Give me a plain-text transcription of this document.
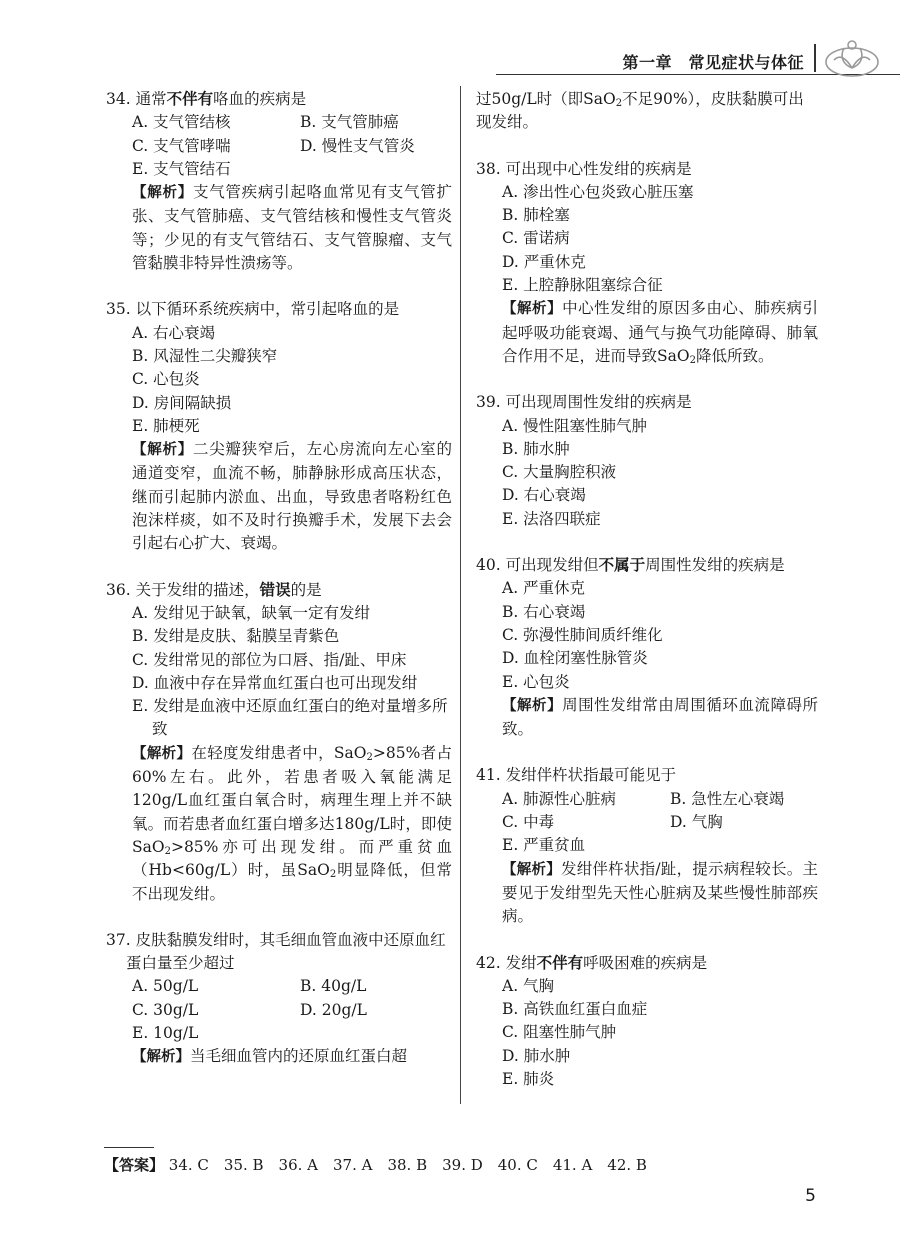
第一章　常见症状与体征
34. 通常不伴有咯血的疾病是
A. 支气管结核	B. 支气管肺癌
C. 支气管哮喘	D. 慢性支气管炎
E. 支气管结石
【解析】支气管疾病引起咯血常见有支气管扩张、支气管肺癌、支气管结核和慢性支气管炎等；少见的有支气管结石、支气管腺瘤、支气管黏膜非特异性溃疡等。
35. 以下循环系统疾病中，常引起咯血的是
A. 右心衰竭
B. 风湿性二尖瓣狭窄
C. 心包炎
D. 房间隔缺损
E. 肺梗死
【解析】二尖瓣狭窄后，左心房流向左心室的通道变窄，血流不畅，肺静脉形成高压状态，继而引起肺内淤血、出血，导致患者咯粉红色泡沫样痰，如不及时行换瓣手术，发展下去会引起右心扩大、衰竭。
36. 关于发绀的描述，错误的是
A. 发绀见于缺氧，缺氧一定有发绀
B. 发绀是皮肤、黏膜呈青紫色
C. 发绀常见的部位为口唇、指/趾、甲床
D. 血液中存在异常血红蛋白也可出现发绀
E. 发绀是血液中还原血红蛋白的绝对量增多所致
【解析】在轻度发绀患者中，SaO$_2$>85%者占60%左右。此外，若患者吸入氧能满足120g/L血红蛋白氧合时，病理生理上并不缺氧。而若患者血红蛋白增多达180g/L时，即使SaO$_2$>85%亦可出现发绀。而严重贫血（Hb<60g/L）时，虽SaO$_2$明显降低，但常不出现发绀。
37. 皮肤黏膜发绀时，其毛细血管血液中还原血红蛋白量至少超过
A. 50g/L	B. 40g/L
C. 30g/L	D. 20g/L
E. 10g/L
【解析】当毛细血管内的还原血红蛋白超
过50g/L时（即SaO$_2$不足90%），皮肤黏膜可出现发绀。
38. 可出现中心性发绀的疾病是
A. 渗出性心包炎致心脏压塞
B. 肺栓塞
C. 雷诺病
D. 严重休克
E. 上腔静脉阻塞综合征
【解析】中心性发绀的原因多由心、肺疾病引起呼吸功能衰竭、通气与换气功能障碍、肺氧合作用不足，进而导致SaO$_2$降低所致。
39. 可出现周围性发绀的疾病是
A. 慢性阻塞性肺气肿
B. 肺水肿
C. 大量胸腔积液
D. 右心衰竭
E. 法洛四联症
40. 可出现发绀但不属于周围性发绀的疾病是
A. 严重休克
B. 右心衰竭
C. 弥漫性肺间质纤维化
D. 血栓闭塞性脉管炎
E. 心包炎
【解析】周围性发绀常由周围循环血流障碍所致。
41. 发绀伴杵状指最可能见于
A. 肺源性心脏病	B. 急性左心衰竭
C. 中毒	D. 气胸
E. 严重贫血
【解析】发绀伴杵状指/趾，提示病程较长。主要见于发绀型先天性心脏病及某些慢性肺部疾病。
42. 发绀不伴有呼吸困难的疾病是
A. 气胸
B. 高铁血红蛋白血症
C. 阻塞性肺气肿
D. 肺水肿
E. 肺炎
【答案】 34. C　35. B　36. A　37. A　38. B　39. D　40. C　41. A　42. B
5
